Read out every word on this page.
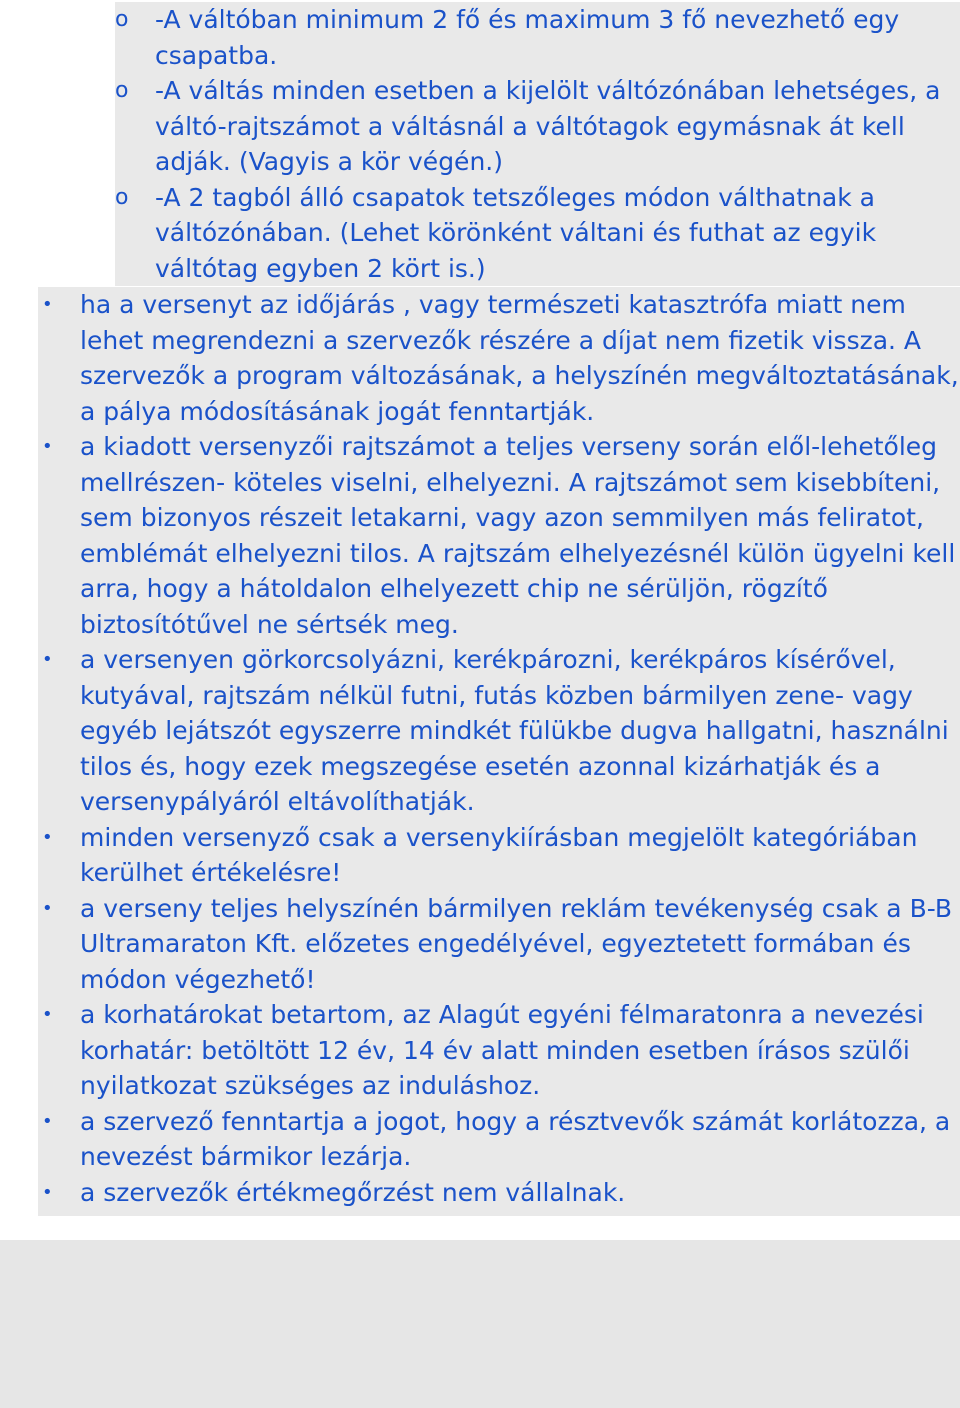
o -A váltóban minimum 2 fő és maximum 3 fő nevezhető egy csapatba.
o -A váltás minden esetben a kijelölt váltózónában lehetséges, a váltó-rajtszámot a váltásnál a váltótagok egymásnak át kell adják. (Vagyis a kör végén.)
o -A 2 tagból álló csapatok tetszőleges módon válthatnak a váltózónában. (Lehet körönként váltani és futhat az egyik váltótag egyben 2 kört is.)
• ha a versenyt az időjárás , vagy természeti katasztrófa miatt nem lehet megrendezni a szervezők részére a díjat nem fizetik vissza. A szervezők a program változásának, a helyszínén megváltoztatásának, a pálya módosításának jogát fenntartják.
• a kiadott versenyzői rajtszámot a teljes verseny során elől-lehetőleg mellrészen- köteles viselni, elhelyezni. A rajtszámot sem kisebbíteni, sem bizonyos részeit letakarni, vagy azon semmilyen más feliratot, emblémát elhelyezni tilos. A rajtszám elhelyezésnél külön ügyelni kell arra, hogy a hátoldalon elhelyezett chip ne sérüljön, rögzítő biztosítótűvel ne sértsék meg.
• a versenyen görkorcsolyázni, kerékpározni, kerékpáros kísérővel, kutyával, rajtszám nélkül futni, futás közben bármilyen zene- vagy egyéb lejátszót egyszerre mindkét fülükbe dugva hallgatni, használni tilos és, hogy ezek megszegése esetén azonnal kizárhatják és a versenypályáról eltávolíthatják.
• minden versenyző csak a versenykiírásban megjelölt kategóriában kerülhet értékelésre!
• a verseny teljes helyszínén bármilyen reklám tevékenység csak a B-B Ultramaraton Kft. előzetes engedélyével, egyeztetett formában és módon végezhető!
• a korhatárokat betartom, az Alagút egyéni félmaratonra a nevezési korhatár: betöltött 12 év, 14 év alatt minden esetben írásos szülői nyilatkozat szükséges az induláshoz.
• a szervező fenntartja a jogot, hogy a résztvevők számát korlátozza, a nevezést bármikor lezárja.
• a szervezők értékmegőrzést nem vállalnak.
